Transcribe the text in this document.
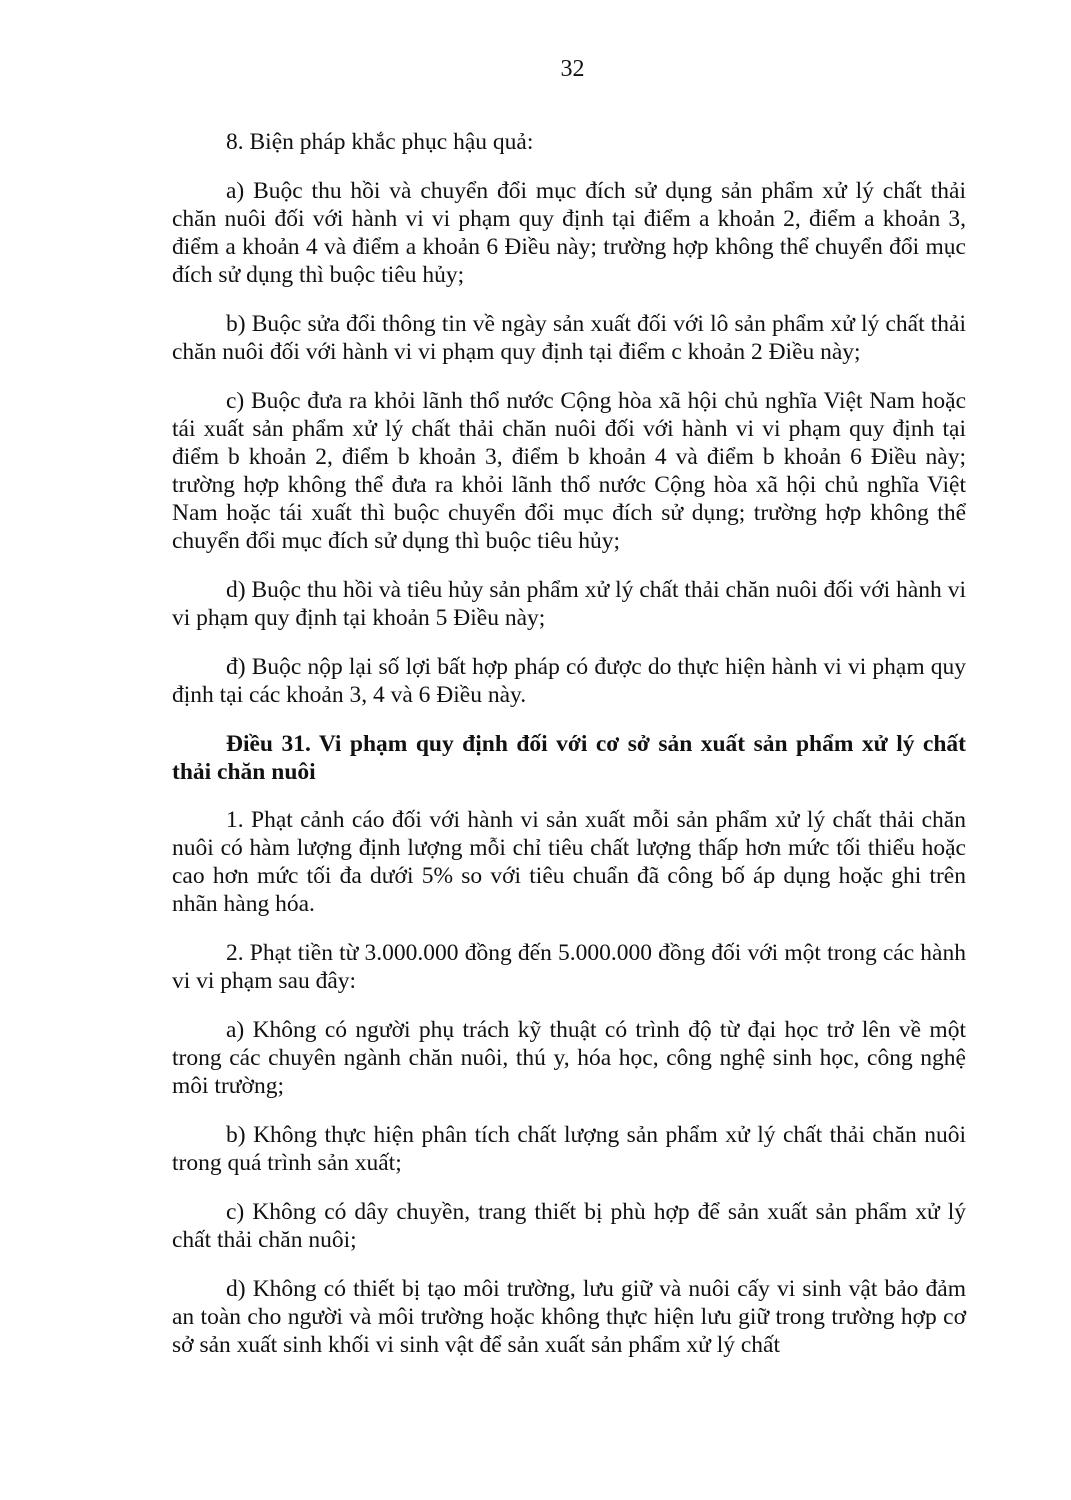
32

8. Biện pháp khắc phục hậu quả:

a) Buộc thu hồi và chuyển đổi mục đích sử dụng sản phẩm xử lý chất thải chăn nuôi đối với hành vi vi phạm quy định tại điểm a khoản 2, điểm a khoản 3, điểm a khoản 4 và điểm a khoản 6 Điều này; trường hợp không thể chuyển đổi mục đích sử dụng thì buộc tiêu hủy;

b) Buộc sửa đổi thông tin về ngày sản xuất đối với lô sản phẩm xử lý chất thải chăn nuôi đối với hành vi vi phạm quy định tại điểm c khoản 2 Điều này;

c) Buộc đưa ra khỏi lãnh thổ nước Cộng hòa xã hội chủ nghĩa Việt Nam hoặc tái xuất sản phẩm xử lý chất thải chăn nuôi đối với hành vi vi phạm quy định tại điểm b khoản 2, điểm b khoản 3, điểm b khoản 4 và điểm b khoản 6 Điều này; trường hợp không thể đưa ra khỏi lãnh thổ nước Cộng hòa xã hội chủ nghĩa Việt Nam hoặc tái xuất thì buộc chuyển đổi mục đích sử dụng; trường hợp không thể chuyển đổi mục đích sử dụng thì buộc tiêu hủy;

d) Buộc thu hồi và tiêu hủy sản phẩm xử lý chất thải chăn nuôi đối với hành vi vi phạm quy định tại khoản 5 Điều này;

đ) Buộc nộp lại số lợi bất hợp pháp có được do thực hiện hành vi vi phạm quy định tại các khoản 3, 4 và 6 Điều này.

Điều 31. Vi phạm quy định đối với cơ sở sản xuất sản phẩm xử lý chất thải chăn nuôi

1. Phạt cảnh cáo đối với hành vi sản xuất mỗi sản phẩm xử lý chất thải chăn nuôi có hàm lượng định lượng mỗi chỉ tiêu chất lượng thấp hơn mức tối thiểu hoặc cao hơn mức tối đa dưới 5% so với tiêu chuẩn đã công bố áp dụng hoặc ghi trên nhãn hàng hóa.

2. Phạt tiền từ 3.000.000 đồng đến 5.000.000 đồng đối với một trong các hành vi vi phạm sau đây:

a) Không có người phụ trách kỹ thuật có trình độ từ đại học trở lên về một trong các chuyên ngành chăn nuôi, thú y, hóa học, công nghệ sinh học, công nghệ môi trường;

b) Không thực hiện phân tích chất lượng sản phẩm xử lý chất thải chăn nuôi trong quá trình sản xuất;

c) Không có dây chuyền, trang thiết bị phù hợp để sản xuất sản phẩm xử lý chất thải chăn nuôi;

d) Không có thiết bị tạo môi trường, lưu giữ và nuôi cấy vi sinh vật bảo đảm an toàn cho người và môi trường hoặc không thực hiện lưu giữ trong trường hợp cơ sở sản xuất sinh khối vi sinh vật để sản xuất sản phẩm xử lý chất
